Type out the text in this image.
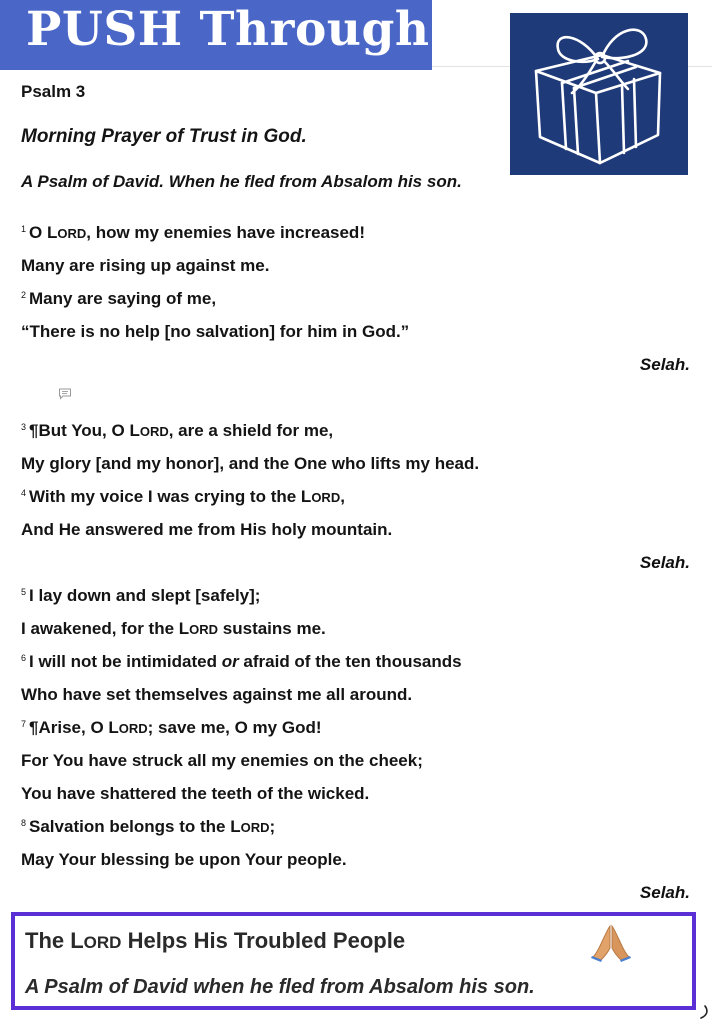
PUSH Through
Psalm 3
Morning Prayer of Trust in God.
A Psalm of David. When he fled from Absalom his son.
$^1$ O LORD, how my enemies have increased!
Many are rising up against me.
$^2$ Many are saying of me,
“There is no help [no salvation] for him in God.”
Selah.
$^3$ ¶But You, O LORD, are a shield for me,
My glory [and my honor], and the One who lifts my head.
$^4$ With my voice I was crying to the LORD,
And He answered me from His holy mountain.
Selah.
$^5$ I lay down and slept [safely];
I awakened, for the LORD sustains me.
$^6$ I will not be intimidated or afraid of the ten thousands
Who have set themselves against me all around.
$^7$ ¶Arise, O LORD; save me, O my God!
For You have struck all my enemies on the cheek;
You have shattered the teeth of the wicked.
$^8$ Salvation belongs to the LORD;
May Your blessing be upon Your people.
Selah.
The LORD Helps His Troubled People
A Psalm of David when he fled from Absalom his son.
